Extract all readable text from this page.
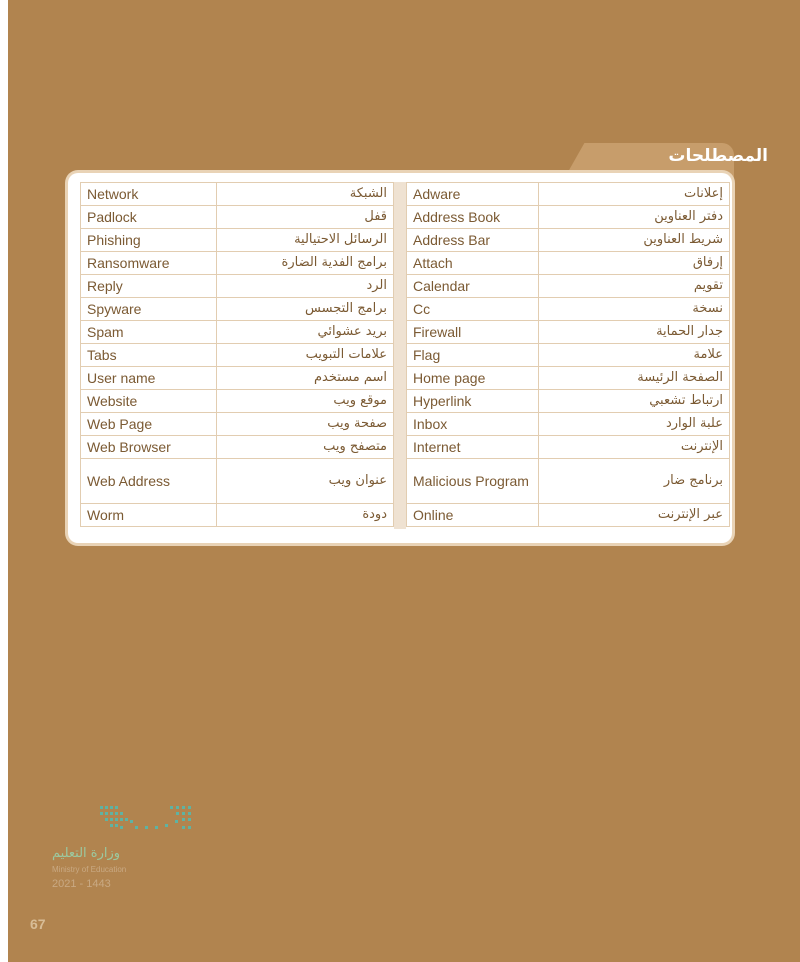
المصطلحات
Network	الشبكة
Padlock	قفل
Phishing	الرسائل الاحتيالية
Ransomware	برامج الفدية الضارة
Reply	الرد
Spyware	برامج التجسس
Spam	بريد عشوائي
Tabs	علامات التبويب
User name	اسم مستخدم
Website	موقع ويب
Web Page	صفحة ويب
Web Browser	متصفح ويب
Web Address	عنوان ويب
Worm	دودة
Adware	إعلانات
Address Book	دفتر العناوين
Address Bar	شريط العناوين
Attach	إرفاق
Calendar	تقويم
Cc	نسخة
Firewall	جدار الحماية
Flag	علامة
Home page	الصفحة الرئيسة
Hyperlink	ارتباط تشعبي
Inbox	علبة الوارد
Internet	الإنترنت
Malicious Program	برنامج ضار
Online	عبر الإنترنت
وزارة التعليم
Ministry of Education
2021 - 1443
67
